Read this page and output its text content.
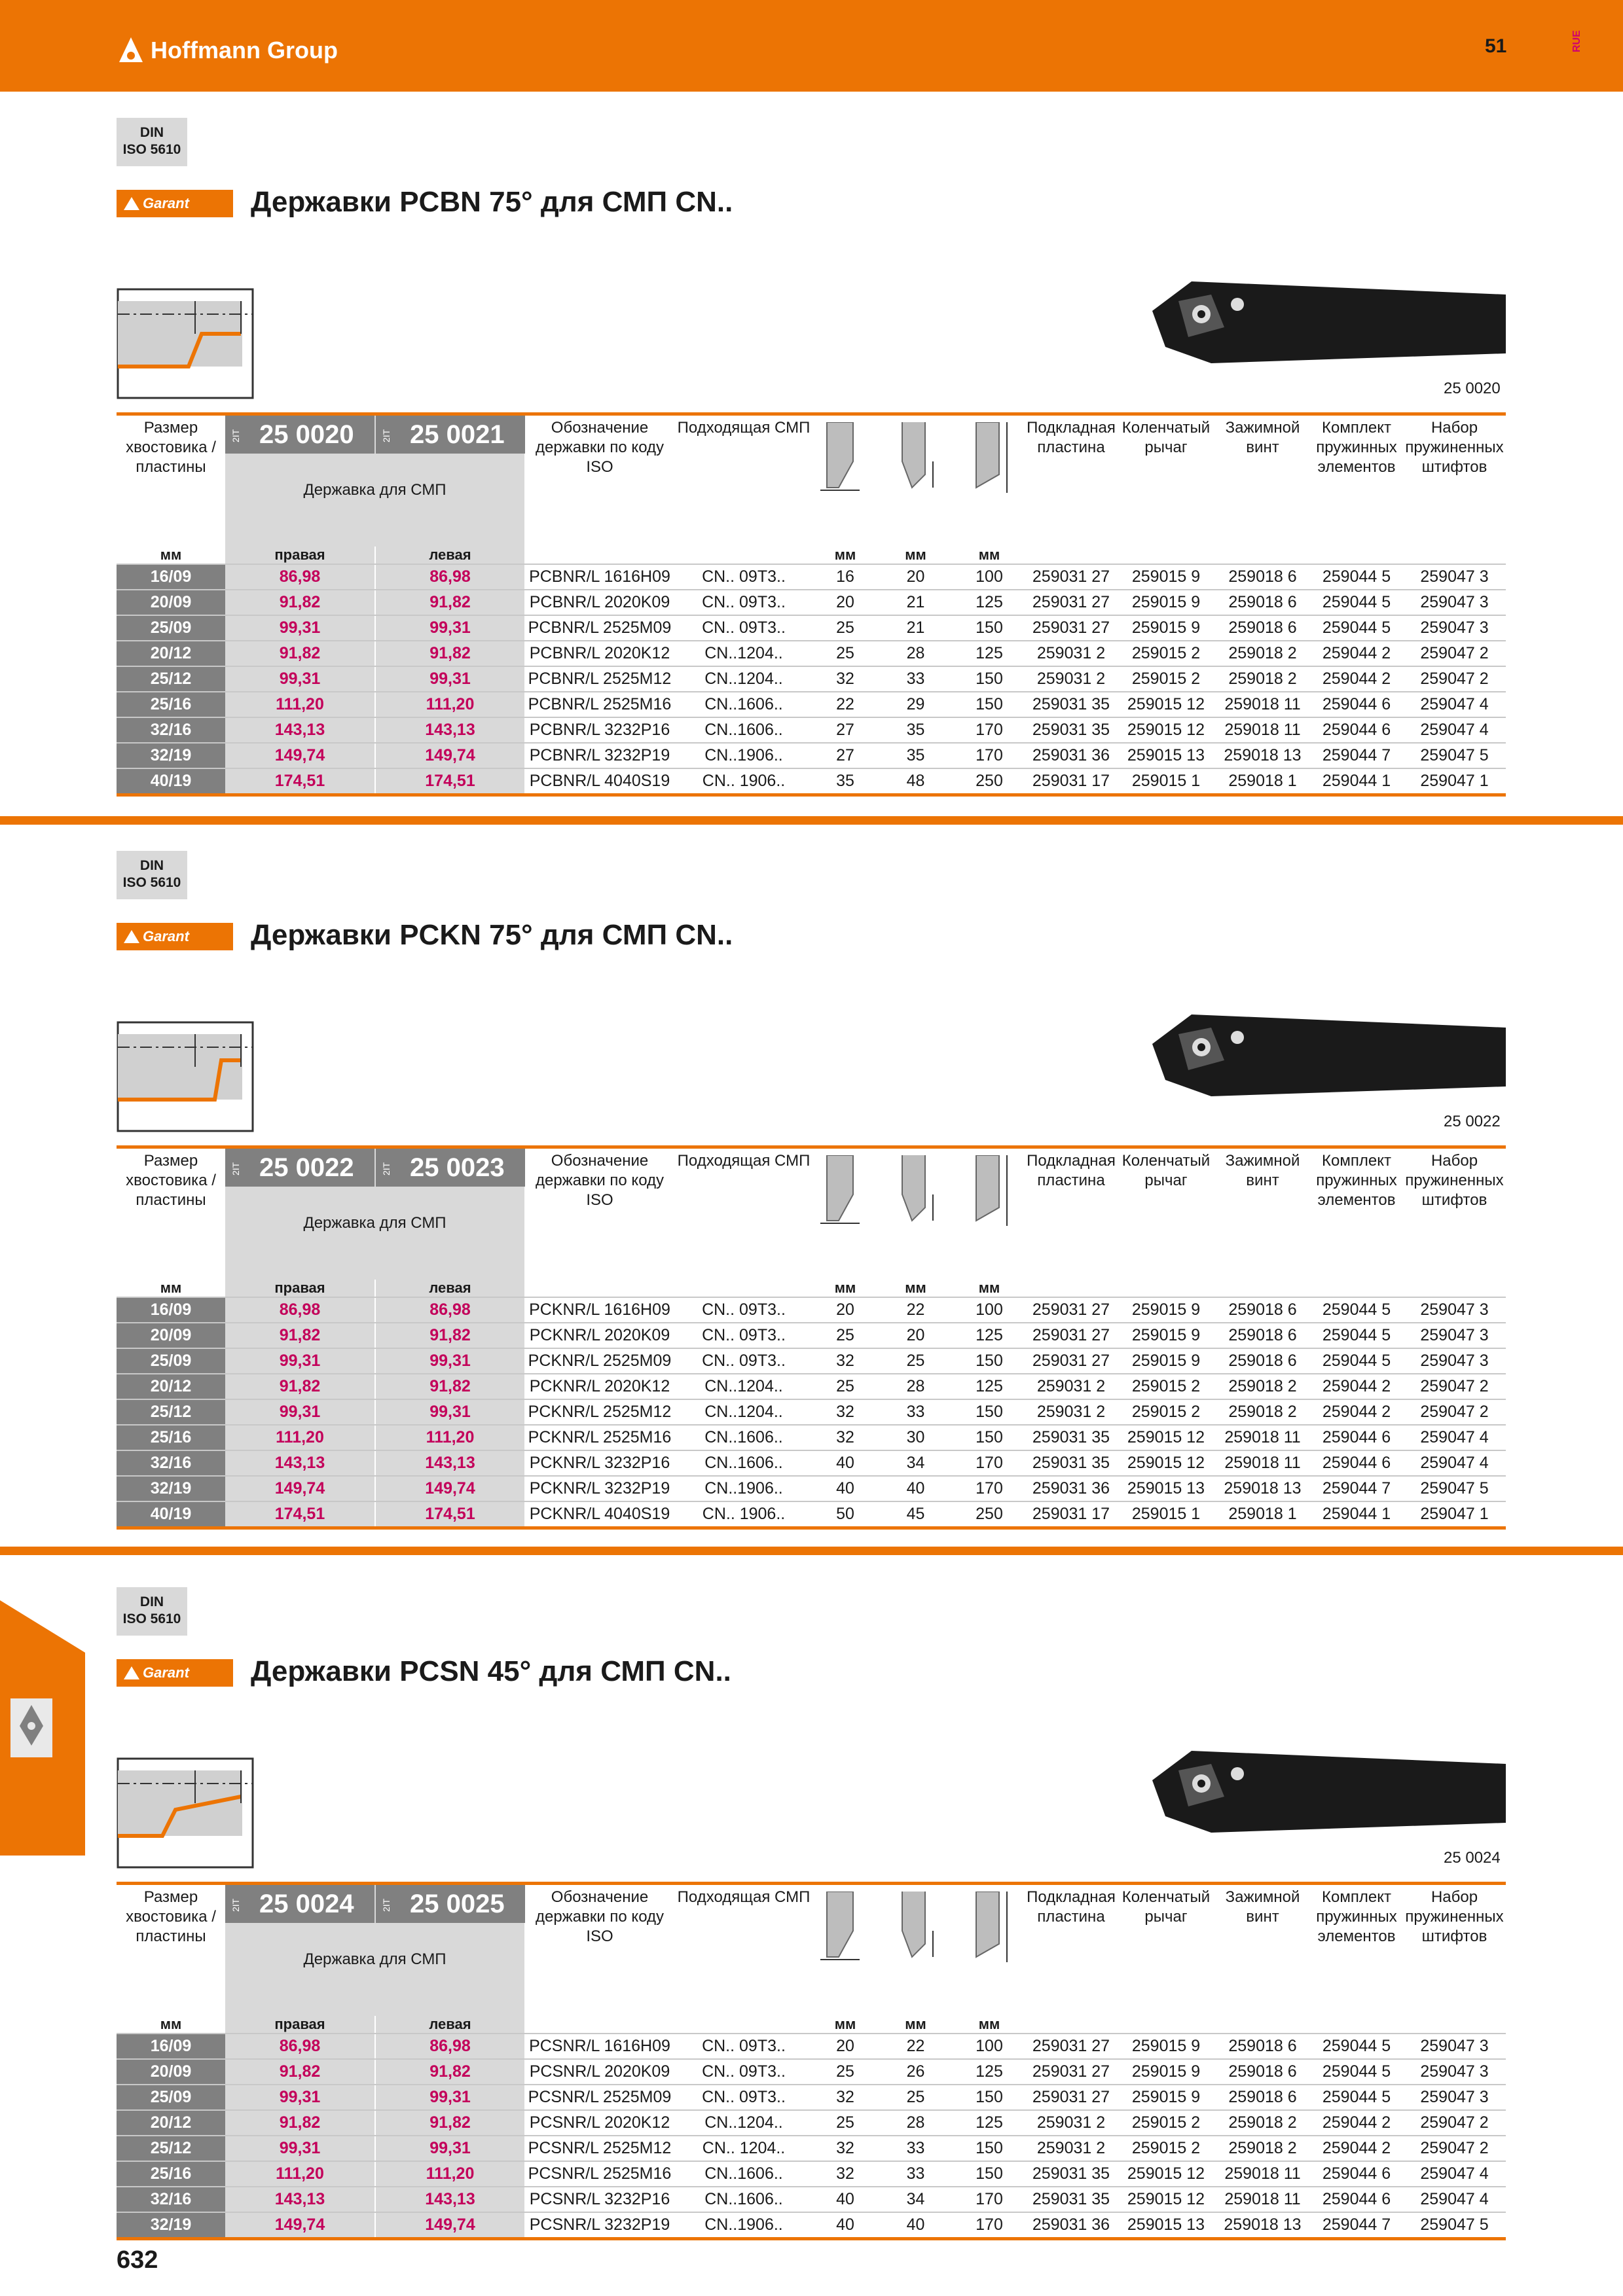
Hoffmann Group	51	RUE
632
DIN
ISO 5610
Garant Державки PCBN 75° для СМП CN..
25 0020
Размер хвостовика / пластины
2IT 25 0020	2IT 25 0021
Державка для СМП
Обозначение державки по коду ISO
Подходящая СМП	Подкладная пластина
Коленчатый рычаг
Зажимной винт
Комплект пружинных элементов
Набор пружиненных штифтов
мм	правая	левая	мм	мм	мм
16/09	86,98	86,98	PCBNR/L 1616H09	CN.. 09T3..	16	20	100	259031 27	259015 9	259018 6	259044 5	259047 3
20/09	91,82	91,82	PCBNR/L 2020K09	CN.. 09T3..	20	21	125	259031 27	259015 9	259018 6	259044 5	259047 3
25/09	99,31	99,31	PCBNR/L 2525M09	CN.. 09T3..	25	21	150	259031 27	259015 9	259018 6	259044 5	259047 3
20/12	91,82	91,82	PCBNR/L 2020K12	CN..1204..	25	28	125	259031 2	259015 2	259018 2	259044 2	259047 2
25/12	99,31	99,31	PCBNR/L 2525M12	CN..1204..	32	33	150	259031 2	259015 2	259018 2	259044 2	259047 2
25/16	111,20	111,20	PCBNR/L 2525M16	CN..1606..	22	29	150	259031 35	259015 12	259018 11	259044 6	259047 4
32/16	143,13	143,13	PCBNR/L 3232P16	CN..1606..	27	35	170	259031 35	259015 12	259018 11	259044 6	259047 4
32/19	149,74	149,74	PCBNR/L 3232P19	CN..1906..	27	35	170	259031 36	259015 13	259018 13	259044 7	259047 5
40/19	174,51	174,51	PCBNR/L 4040S19	CN.. 1906..	35	48	250	259031 17	259015 1	259018 1	259044 1	259047 1
DIN
ISO 5610
Garant Державки PCKN 75° для СМП CN..
25 0022
Размер хвостовика / пластины
2IT 25 0022	2IT 25 0023
Державка для СМП
Обозначение державки по коду ISO
Подходящая СМП	Подкладная пластина
Коленчатый рычаг
Зажимной винт
Комплект пружинных элементов
Набор пружиненных штифтов
мм	правая	левая	мм	мм	мм
16/09	86,98	86,98	PCKNR/L 1616H09	CN.. 09T3..	20	22	100	259031 27	259015 9	259018 6	259044 5	259047 3
20/09	91,82	91,82	PCKNR/L 2020K09	CN.. 09T3..	25	20	125	259031 27	259015 9	259018 6	259044 5	259047 3
25/09	99,31	99,31	PCKNR/L 2525M09	CN.. 09T3..	32	25	150	259031 27	259015 9	259018 6	259044 5	259047 3
20/12	91,82	91,82	PCKNR/L 2020K12	CN..1204..	25	28	125	259031 2	259015 2	259018 2	259044 2	259047 2
25/12	99,31	99,31	PCKNR/L 2525M12	CN..1204..	32	33	150	259031 2	259015 2	259018 2	259044 2	259047 2
25/16	111,20	111,20	PCKNR/L 2525M16	CN..1606..	32	30	150	259031 35	259015 12	259018 11	259044 6	259047 4
32/16	143,13	143,13	PCKNR/L 3232P16	CN..1606..	40	34	170	259031 35	259015 12	259018 11	259044 6	259047 4
32/19	149,74	149,74	PCKNR/L 3232P19	CN..1906..	40	40	170	259031 36	259015 13	259018 13	259044 7	259047 5
40/19	174,51	174,51	PCKNR/L 4040S19	CN.. 1906..	50	45	250	259031 17	259015 1	259018 1	259044 1	259047 1
DIN
ISO 5610
Garant Державки PCSN 45° для СМП CN..
25 0024
Размер хвостовика / пластины
2IT 25 0024	2IT 25 0025
Державка для СМП
Обозначение державки по коду ISO
Подходящая СМП	Подкладная пластина
Коленчатый рычаг
Зажимной винт
Комплект пружинных элементов
Набор пружиненных штифтов
мм	правая	левая	мм	мм	мм
16/09	86,98	86,98	PCSNR/L 1616H09	CN.. 09T3..	20	22	100	259031 27	259015 9	259018 6	259044 5	259047 3
20/09	91,82	91,82	PCSNR/L 2020K09	CN.. 09T3..	25	26	125	259031 27	259015 9	259018 6	259044 5	259047 3
25/09	99,31	99,31	PCSNR/L 2525M09	CN.. 09T3..	32	25	150	259031 27	259015 9	259018 6	259044 5	259047 3
20/12	91,82	91,82	PCSNR/L 2020K12	CN..1204..	25	28	125	259031 2	259015 2	259018 2	259044 2	259047 2
25/12	99,31	99,31	PCSNR/L 2525M12	CN.. 1204..	32	33	150	259031 2	259015 2	259018 2	259044 2	259047 2
25/16	111,20	111,20	PCSNR/L 2525M16	CN..1606..	32	33	150	259031 35	259015 12	259018 11	259044 6	259047 4
32/16	143,13	143,13	PCSNR/L 3232P16	CN..1606..	40	34	170	259031 35	259015 12	259018 11	259044 6	259047 4
32/19	149,74	149,74	PCSNR/L 3232P19	CN..1906..	40	40	170	259031 36	259015 13	259018 13	259044 7	259047 5
